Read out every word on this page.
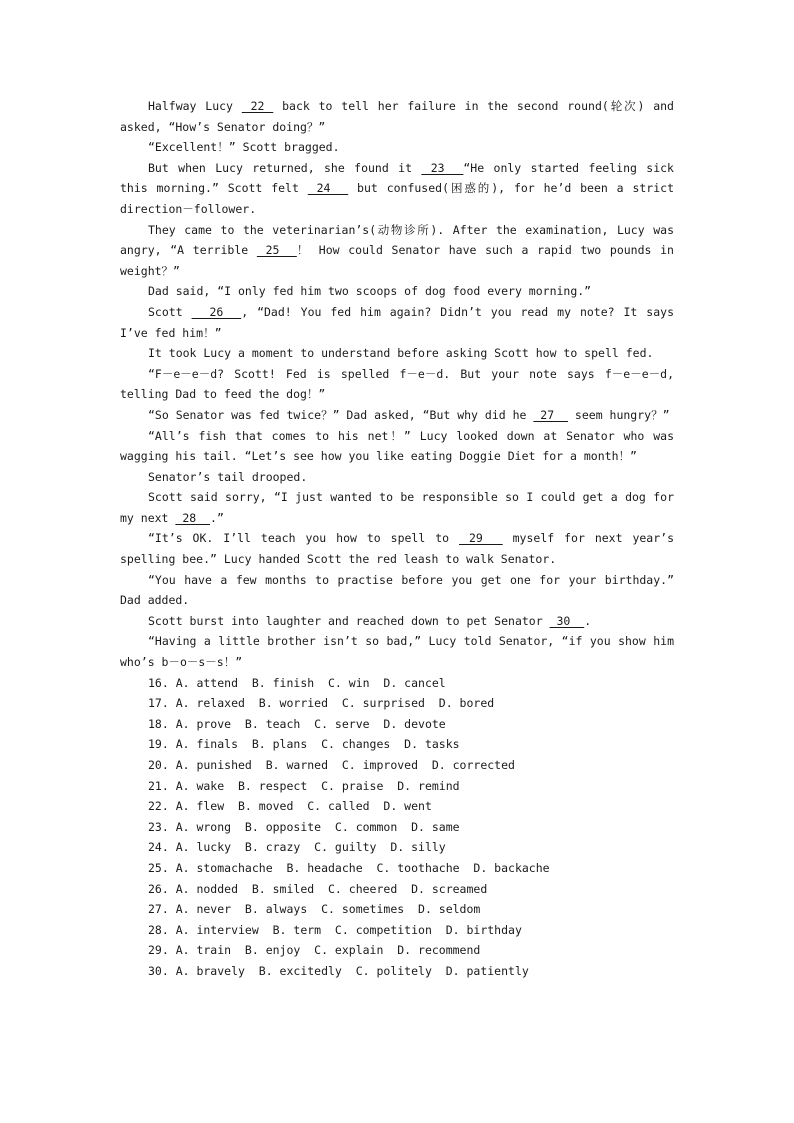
Halfway Lucy  22  back to tell her failure in the second round(轮次) and asked, “How’s Senator doing？”

“Excellent！” Scott bragged.

But when Lucy returned, she found it  23  “He only started feeling sick this morning.” Scott felt  24   but confused(困惑的), for he’d been a strict direction－follower.

They came to the veterinarian’s(动物诊所). After the examination, Lucy was angry, “A terrible  25  ！ How could Senator have such a rapid two pounds in weight？”

Dad said, “I only fed him two scoops of dog food every morning.”

Scott   26  , “Dad! You fed him again? Didn’t you read my note? It says I’ve fed him！”

It took Lucy a moment to understand before asking Scott how to spell fed.

“F－e－e－d? Scott! Fed is spelled f－e－d. But your note says f－e－e－d, telling Dad to feed the dog！”

“So Senator was fed twice？” Dad asked, “But why did he  27   seem hungry？”

“All’s fish that comes to his net！” Lucy looked down at Senator who was wagging his tail. “Let’s see how you like eating Doggie Diet for a month！”

Senator’s tail drooped.

Scott said sorry, “I just wanted to be responsible so I could get a dog for my next  28  .”

“It’s OK. I’ll teach you how to spell to  29   myself for next year’s spelling bee.” Lucy handed Scott the red leash to walk Senator.

“You have a few months to practise before you get one for your birthday.” Dad added.

Scott burst into laughter and reached down to pet Senator  30  .

“Having a little brother isn’t so bad,” Lucy told Senator, “if you show him who’s b－o－s－s！”

16. A. attend  B. finish  C. win  D. cancel

17. A. relaxed  B. worried  C. surprised  D. bored

18. A. prove  B. teach  C. serve  D. devote

19. A. finals  B. plans  C. changes  D. tasks

20. A. punished  B. warned  C. improved  D. corrected

21. A. wake  B. respect  C. praise  D. remind

22. A. flew  B. moved  C. called  D. went

23. A. wrong  B. opposite  C. common  D. same

24. A. lucky  B. crazy  C. guilty  D. silly

25. A. stomachache  B. headache  C. toothache  D. backache

26. A. nodded  B. smiled  C. cheered  D. screamed

27. A. never  B. always  C. sometimes  D. seldom

28. A. interview  B. term  C. competition  D. birthday

29. A. train  B. enjoy  C. explain  D. recommend

30. A. bravely  B. excitedly  C. politely  D. patiently
